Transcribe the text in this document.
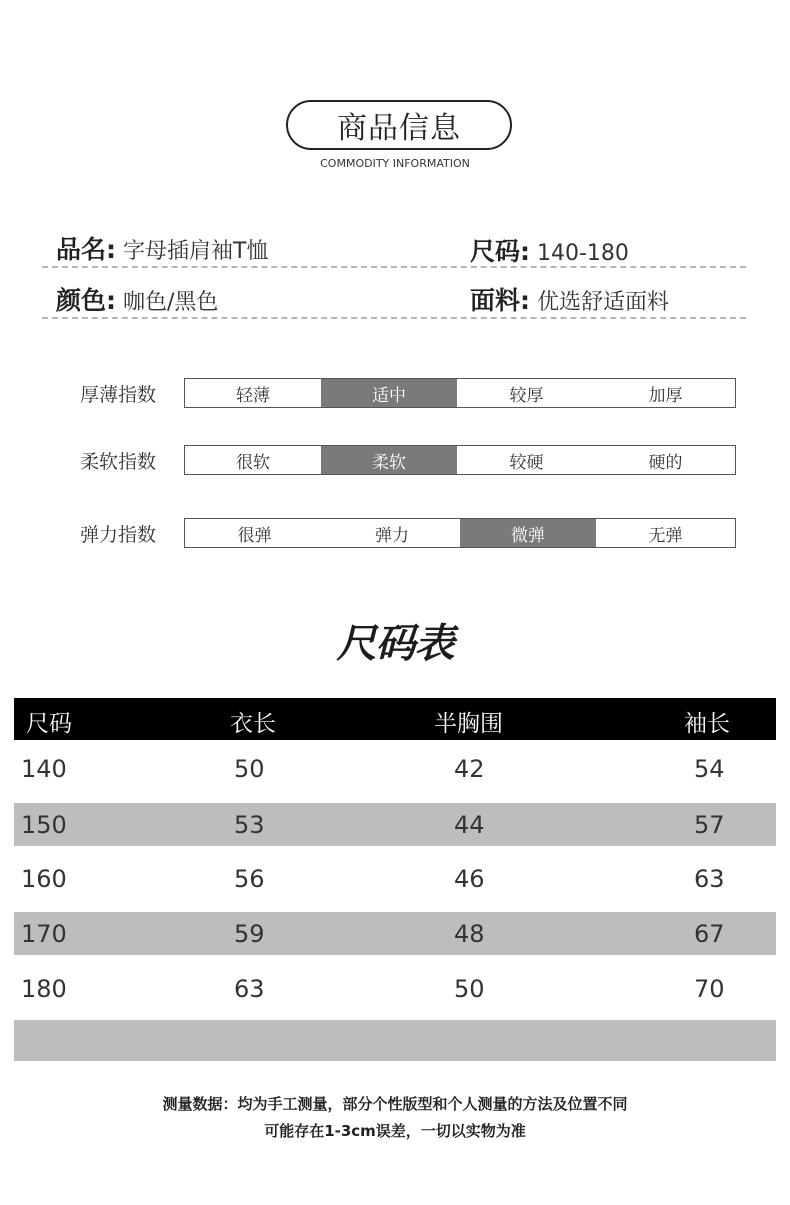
商品信息
COMMODITY INFORMATION
品名: 字母插肩袖T恤	尺码: 140-180
颜色: 咖色/黑色	面料: 优选舒适面料
厚薄指数	轻薄	适中	较厚	加厚
柔软指数	很软	柔软	较硬	硬的
弹力指数	很弹	弹力	微弹	无弹
尺码表
尺码	衣长	半胸围	袖长
140	50	42	54
150	53	44	57
160	56	46	63
170	59	48	67
180	63	50	70
测量数据：均为手工测量，部分个性版型和个人测量的方法及位置不同
可能存在1-3cm误差，一切以实物为准
